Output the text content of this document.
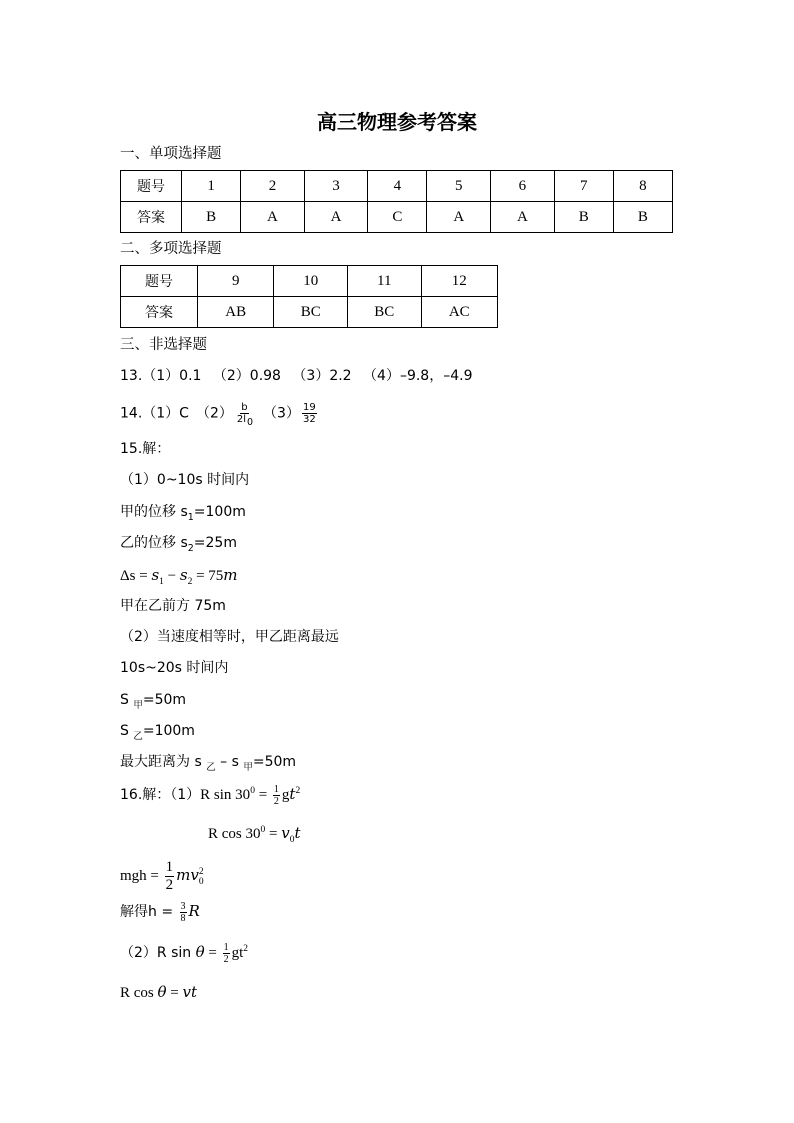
高三物理参考答案
一、单项选择题
题号	1	2	3	4	5	6	7	8
答案	B	A	A	C	A	A	B	B
二、多项选择题
题号	9	10	11	12
答案	AB	BC	BC	AC
三、非选择题
13.（1）0.1 　（2）0.98 　（3）2.2 　（4）–9.8，–4.9
14.（1）C　$(2) \frac{b}{2l_0}$ 　$(3) \frac{19}{32}$
15.解：
（1）0~10s 时间内
甲的位移 $s_1=100m$
乙的位移 $s_2=25m$
$\Delta s = s_1 - s_2 = 75m$
甲在乙前方 75m
（2）当速度相等时，甲乙距离最远
10s~20s 时间内
S $_甲$=50m
S $_乙$=100m
最大距离为 s $_乙$ – s $_甲$=50m
16.解：（1）R $\sin 30^0 = \frac{1}{2} gt^2$
R $\cos 30^0 = v_0t$
mgh = $\frac{1}{2}$ mv 2
0
解得$h = \frac{3}{8}$ R
（2）R $\sin \theta = \frac{1}{2} gt^2$
R cos θ = vt
